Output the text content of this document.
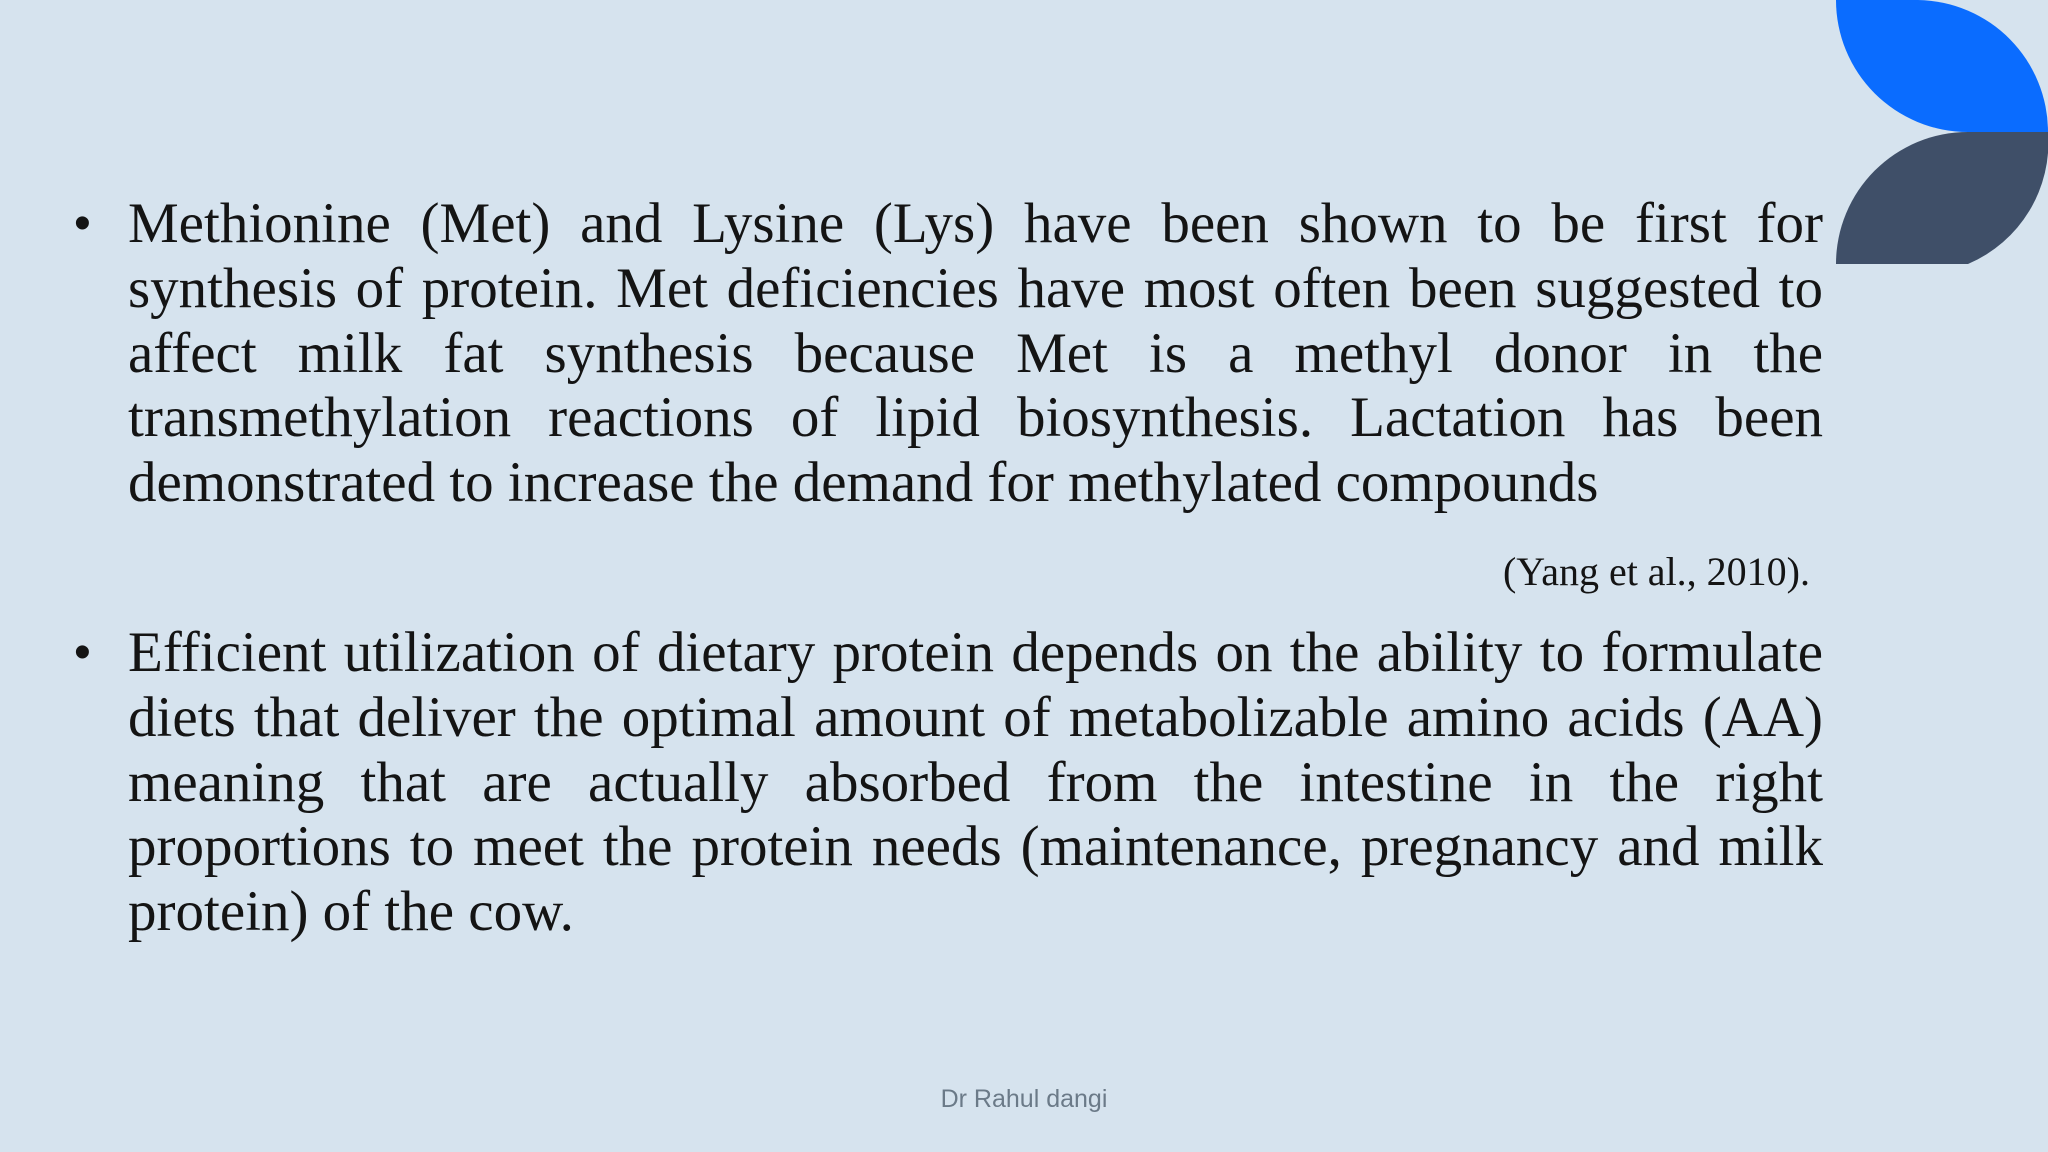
• Methionine (Met) and Lysine (Lys) have been shown to be first for synthesis of protein. Met deficiencies have most often been suggested to affect milk fat synthesis because Met is a methyl donor in the transmethylation reactions of lipid biosynthesis. Lactation has been demonstrated to increase the demand for methylated compounds
(Yang et al., 2010).
• Efficient utilization of dietary protein depends on the ability to formulate diets that deliver the optimal amount of metabolizable amino acids (AA) meaning that are actually absorbed from the intestine in the right proportions to meet the protein needs (maintenance, pregnancy and milk protein) of the cow.
Dr Rahul dangi
